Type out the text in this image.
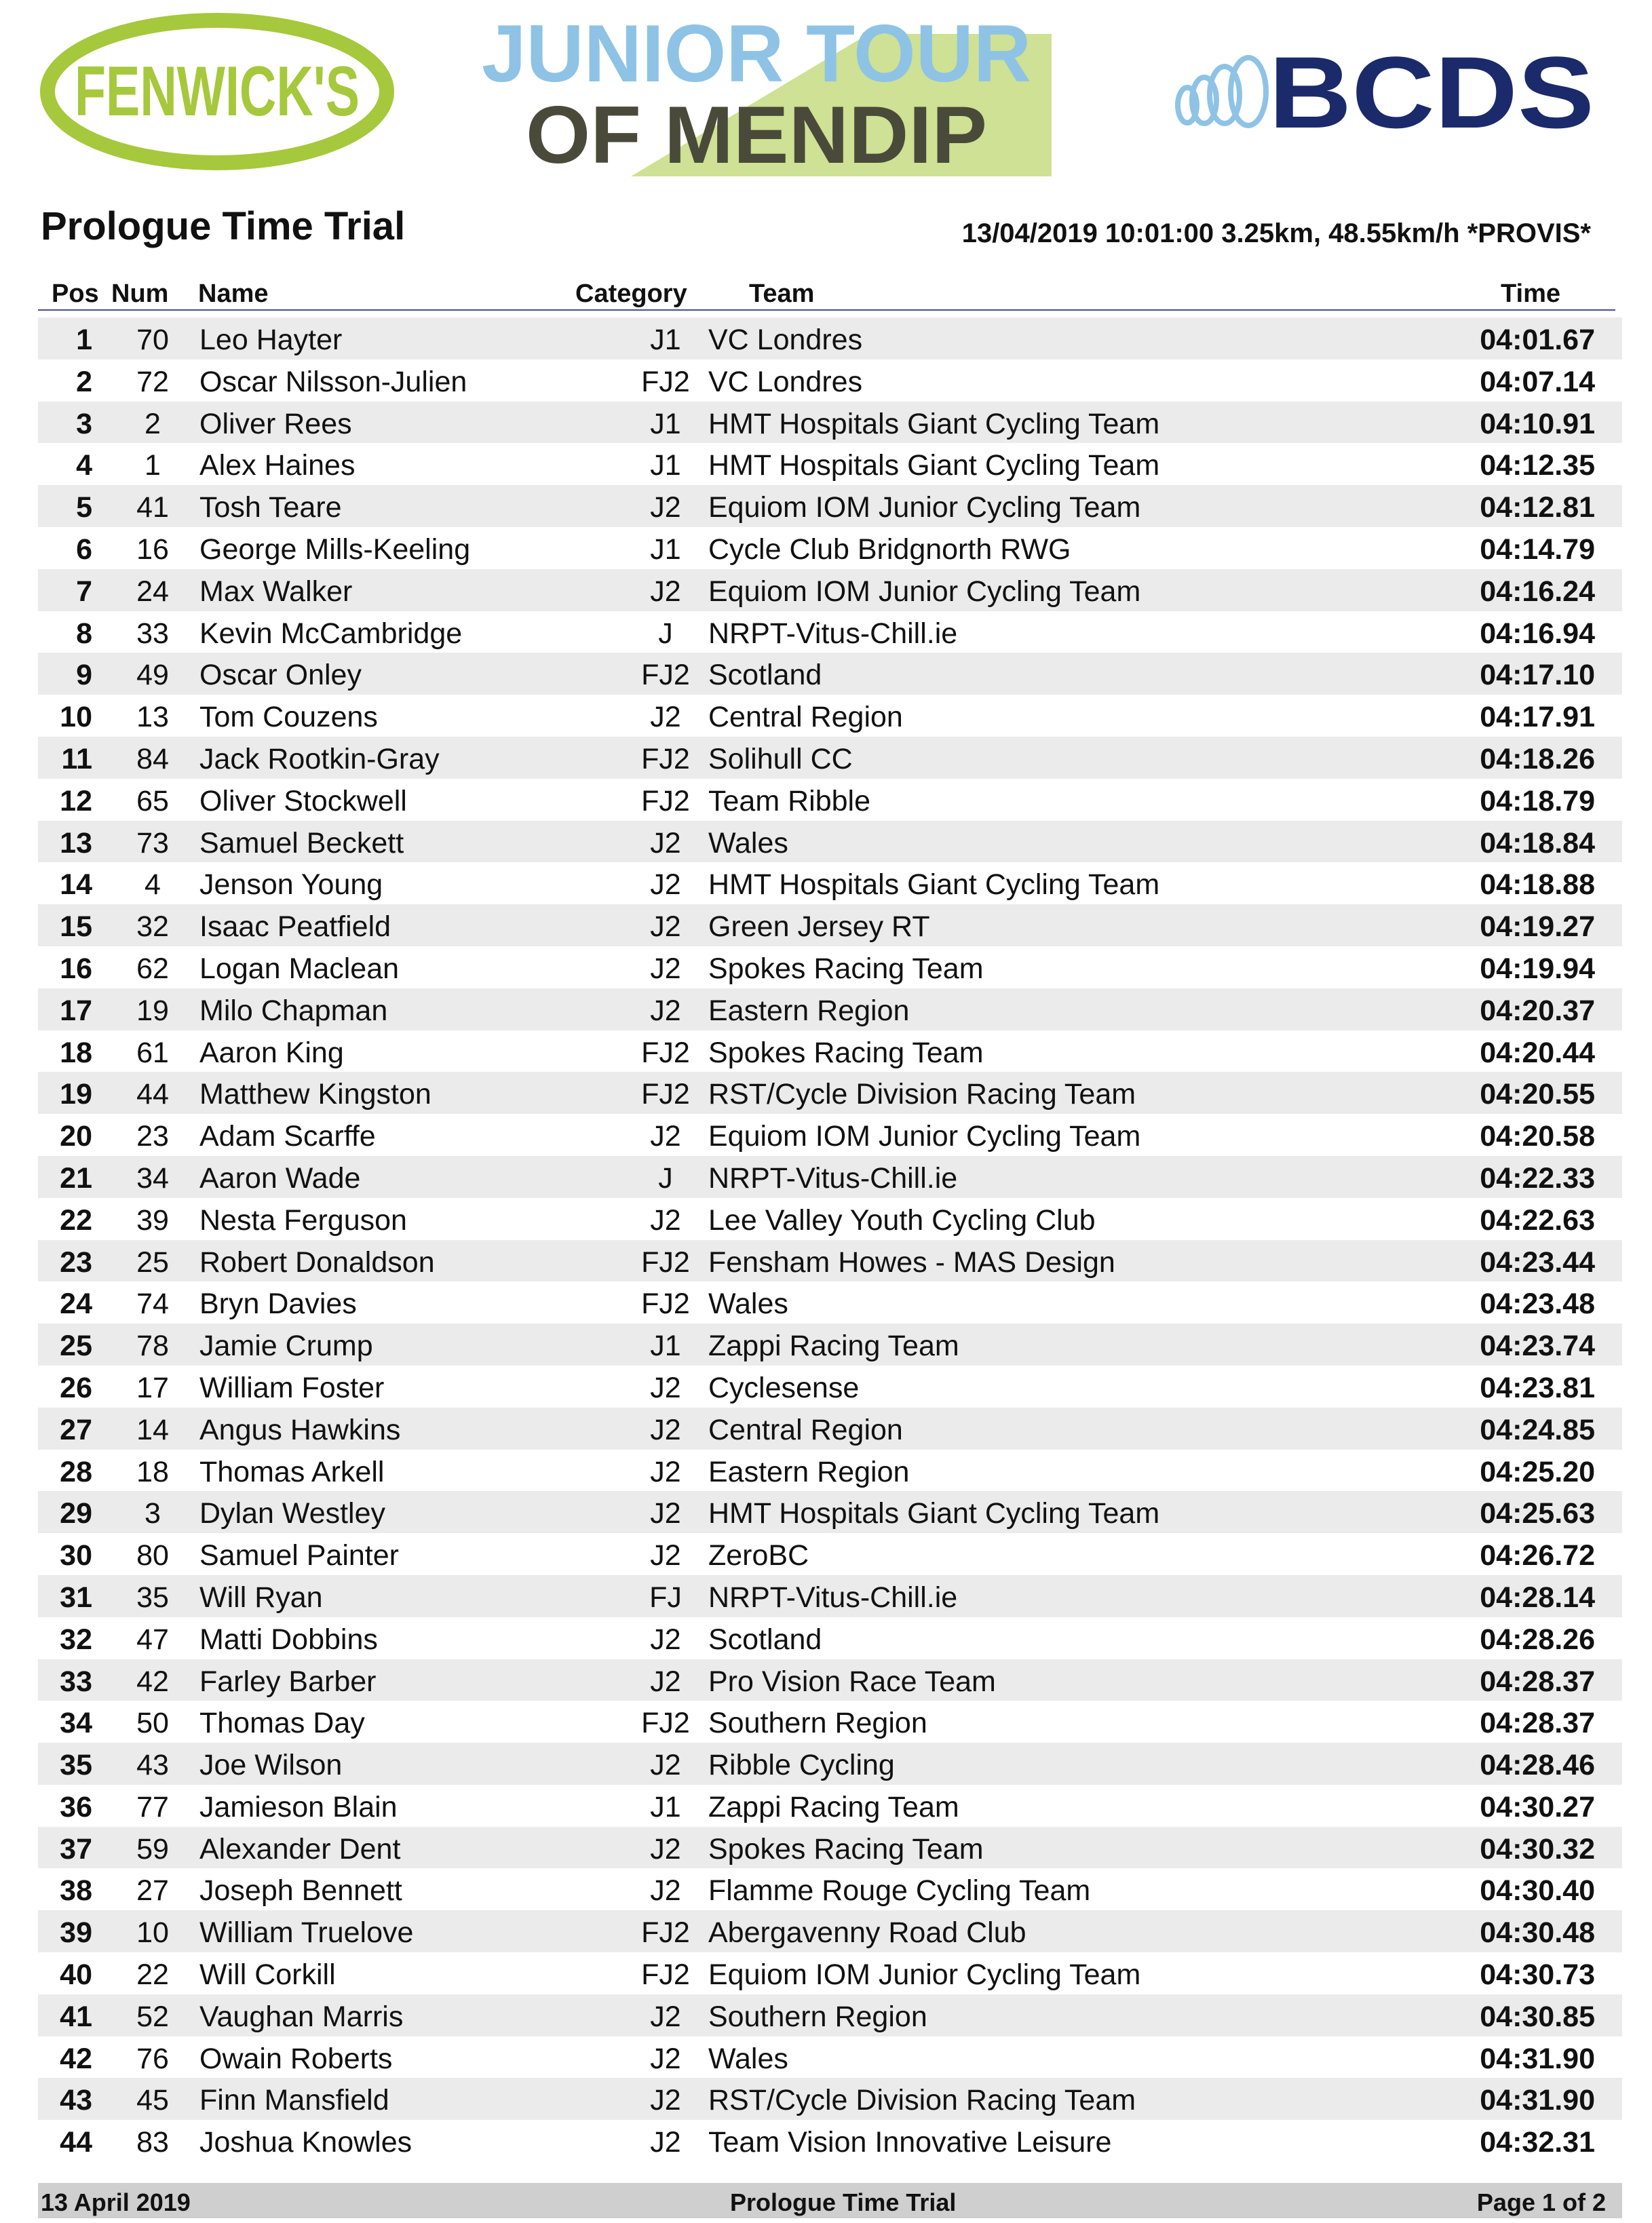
FENWICK'S JUNIOR TOUR
OF MENDIP	BCDS
Prologue Time Trial	13/04/2019 10:01:00 3.25km, 48.55km/h *PROVIS*
Pos Num Name	Category Team	Time
1	70	Leo Hayter	J1 VC Londres	04:01.67
2	72	Oscar Nilsson-Julien	FJ2 VC Londres	04:07.14
3	2	Oliver Rees	J1 HMT Hospitals Giant Cycling Team	04:10.91
4	1	Alex Haines	J1 HMT Hospitals Giant Cycling Team	04:12.35
5	41	Tosh Teare	J2 Equiom IOM Junior Cycling Team	04:12.81
6	16	George Mills-Keeling	J1 Cycle Club Bridgnorth RWG	04:14.79
7	24	Max Walker	J2 Equiom IOM Junior Cycling Team	04:16.24
8	33	Kevin McCambridge	J	NRPT-Vitus-Chill.ie	04:16.94
9	49	Oscar Onley	FJ2 Scotland	04:17.10
10	13	Tom Couzens	J2 Central Region	04:17.91
11	84	Jack Rootkin-Gray	FJ2 Solihull CC	04:18.26
12	65	Oliver Stockwell	FJ2 Team Ribble	04:18.79
13	73	Samuel Beckett	J2 Wales	04:18.84
14	4	Jenson Young	J2 HMT Hospitals Giant Cycling Team	04:18.88
15	32	Isaac Peatfield	J2 Green Jersey RT	04:19.27
16	62	Logan Maclean	J2 Spokes Racing Team	04:19.94
17	19	Milo Chapman	J2 Eastern Region	04:20.37
18	61	Aaron King	FJ2 Spokes Racing Team	04:20.44
19	44	Matthew Kingston	FJ2 RST/Cycle Division Racing Team	04:20.55
20	23	Adam Scarffe	J2 Equiom IOM Junior Cycling Team	04:20.58
21	34	Aaron Wade	J	NRPT-Vitus-Chill.ie	04:22.33
22	39	Nesta Ferguson	J2 Lee Valley Youth Cycling Club	04:22.63
23	25	Robert Donaldson	FJ2 Fensham Howes - MAS Design	04:23.44
24	74	Bryn Davies	FJ2 Wales	04:23.48
25	78	Jamie Crump	J1 Zappi Racing Team	04:23.74
26	17	William Foster	J2 Cyclesense	04:23.81
27	14	Angus Hawkins	J2 Central Region	04:24.85
28	18	Thomas Arkell	J2 Eastern Region	04:25.20
29	3	Dylan Westley	J2 HMT Hospitals Giant Cycling Team	04:25.63
30	80	Samuel Painter	J2 ZeroBC	04:26.72
31	35	Will Ryan	FJ NRPT-Vitus-Chill.ie	04:28.14
32	47	Matti Dobbins	J2 Scotland	04:28.26
33	42	Farley Barber	J2 Pro Vision Race Team	04:28.37
34	50	Thomas Day	FJ2 Southern Region	04:28.37
35	43	Joe Wilson	J2 Ribble Cycling	04:28.46
36	77	Jamieson Blain	J1 Zappi Racing Team	04:30.27
37	59	Alexander Dent	J2 Spokes Racing Team	04:30.32
38	27	Joseph Bennett	J2 Flamme Rouge Cycling Team	04:30.40
39	10	William Truelove	FJ2 Abergavenny Road Club	04:30.48
40	22	Will Corkill	FJ2 Equiom IOM Junior Cycling Team	04:30.73
41	52	Vaughan Marris	J2 Southern Region	04:30.85
42	76	Owain Roberts	J2 Wales	04:31.90
43	45	Finn Mansfield	J2 RST/Cycle Division Racing Team	04:31.90
44	83	Joshua Knowles	J2 Team Vision Innovative Leisure	04:32.31
13 April 2019	Prologue Time Trial	Page 1 of 2
